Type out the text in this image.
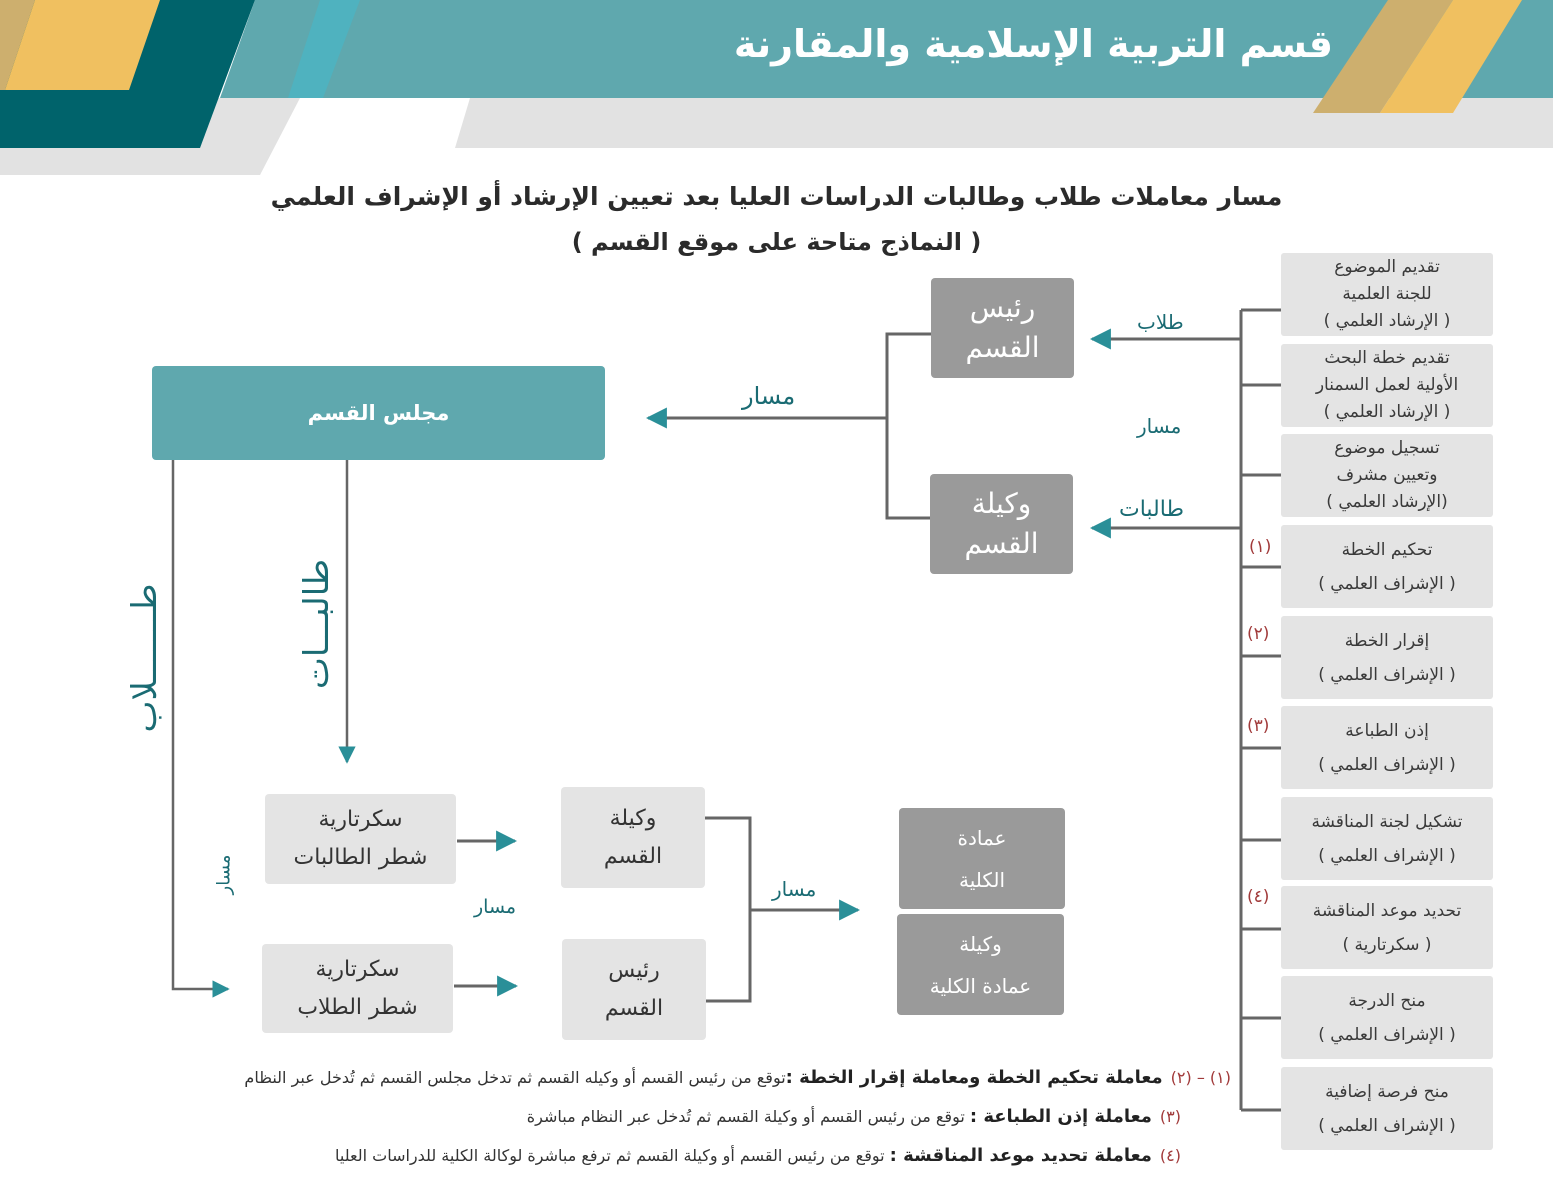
قسم التربية الإسلامية والمقارنة
مسار معاملات طلاب وطالبات الدراسات العليا بعد تعيين الإرشاد أو الإشراف العلمي
( النماذج متاحة على موقع القسم )
رئيس
القسم
وكيلة
القسم
مجلس القسم
سكرتارية
شطر الطالبات
سكرتارية
شطر الطلاب
وكيلة
القسم
رئيس
القسم
عمادة
الكلية
وكيلة
عمادة الكلية
طلاب
مسار
طالبات
مسار
طـــــــلاب	طالبـــات
مسار
مسار
مسار
تقديم الموضوع
للجنة العلمية
( الإرشاد العلمي )
تقديم خطة البحث
الأولية لعمل السمنار
( الإرشاد العلمي )
تسجيل موضوع
وتعيين مشرف
(الإرشاد العلمي )
تحكيم الخطة
( الإشراف العلمي )
إقرار الخطة
( الإشراف العلمي )
إذن الطباعة
( الإشراف العلمي )
تشكيل لجنة المناقشة
( الإشراف العلمي )
تحديد موعد المناقشة
( سكرتارية )
منح الدرجة
( الإشراف العلمي )
منح فرصة إضافية
( الإشراف العلمي )
(١)
(٢)
(٣)
(٤)
(١) – (٢)معاملة تحكيم الخطة ومعاملة إقرار الخطة :توقع من رئيس القسم أو وكيله القسم ثم تدخل مجلس القسم ثم تُدخل عبر النظام
(٣)معاملة إذن الطباعة : توقع من رئيس القسم أو وكيلة القسم ثم تُدخل عبر النظام مباشرة
(٤)معاملة تحديد موعد المناقشة : توقع من رئيس القسم أو وكيلة القسم ثم ترفع مباشرة لوكالة الكلية للدراسات العليا
